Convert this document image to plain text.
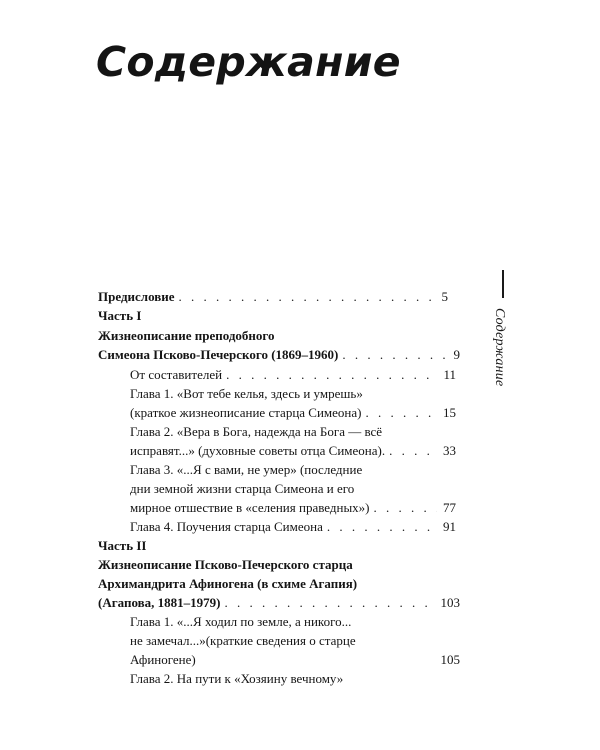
Содержание
Предисловие . . .	5
Часть I
Жизнеописание преподобного
Симеона Псково-Печерского (1869–1960) . . .	9
От составителей . . .	11
Глава 1. «Вот тебе келья, здесь и умрешь»
(краткое жизнеописание старца Симеона) . . .	15
Глава 2. «Вера в Бога, надежда на Бога — всё
исправят...» (духовные советы отца Симеона). . . .	33
Глава 3. «...Я с вами, не умер» (последние
дни земной жизни старца Симеона и его
мирное отшествие в «селения праведных») . . .	77
Глава 4. Поучения старца Симеона . . .	91
Часть II
Жизнеописание Псково-Печерского старца
Архимандрита Афиногена (в схиме Агапия)
(Агапова, 1881–1979) . . .	103
Глава 1. «...Я ходил по земле, а никого...
не замечал...»(краткие сведения о старце
Афиногене)	105
Глава 2. На пути к «Хозяину вечному»
Содержание
